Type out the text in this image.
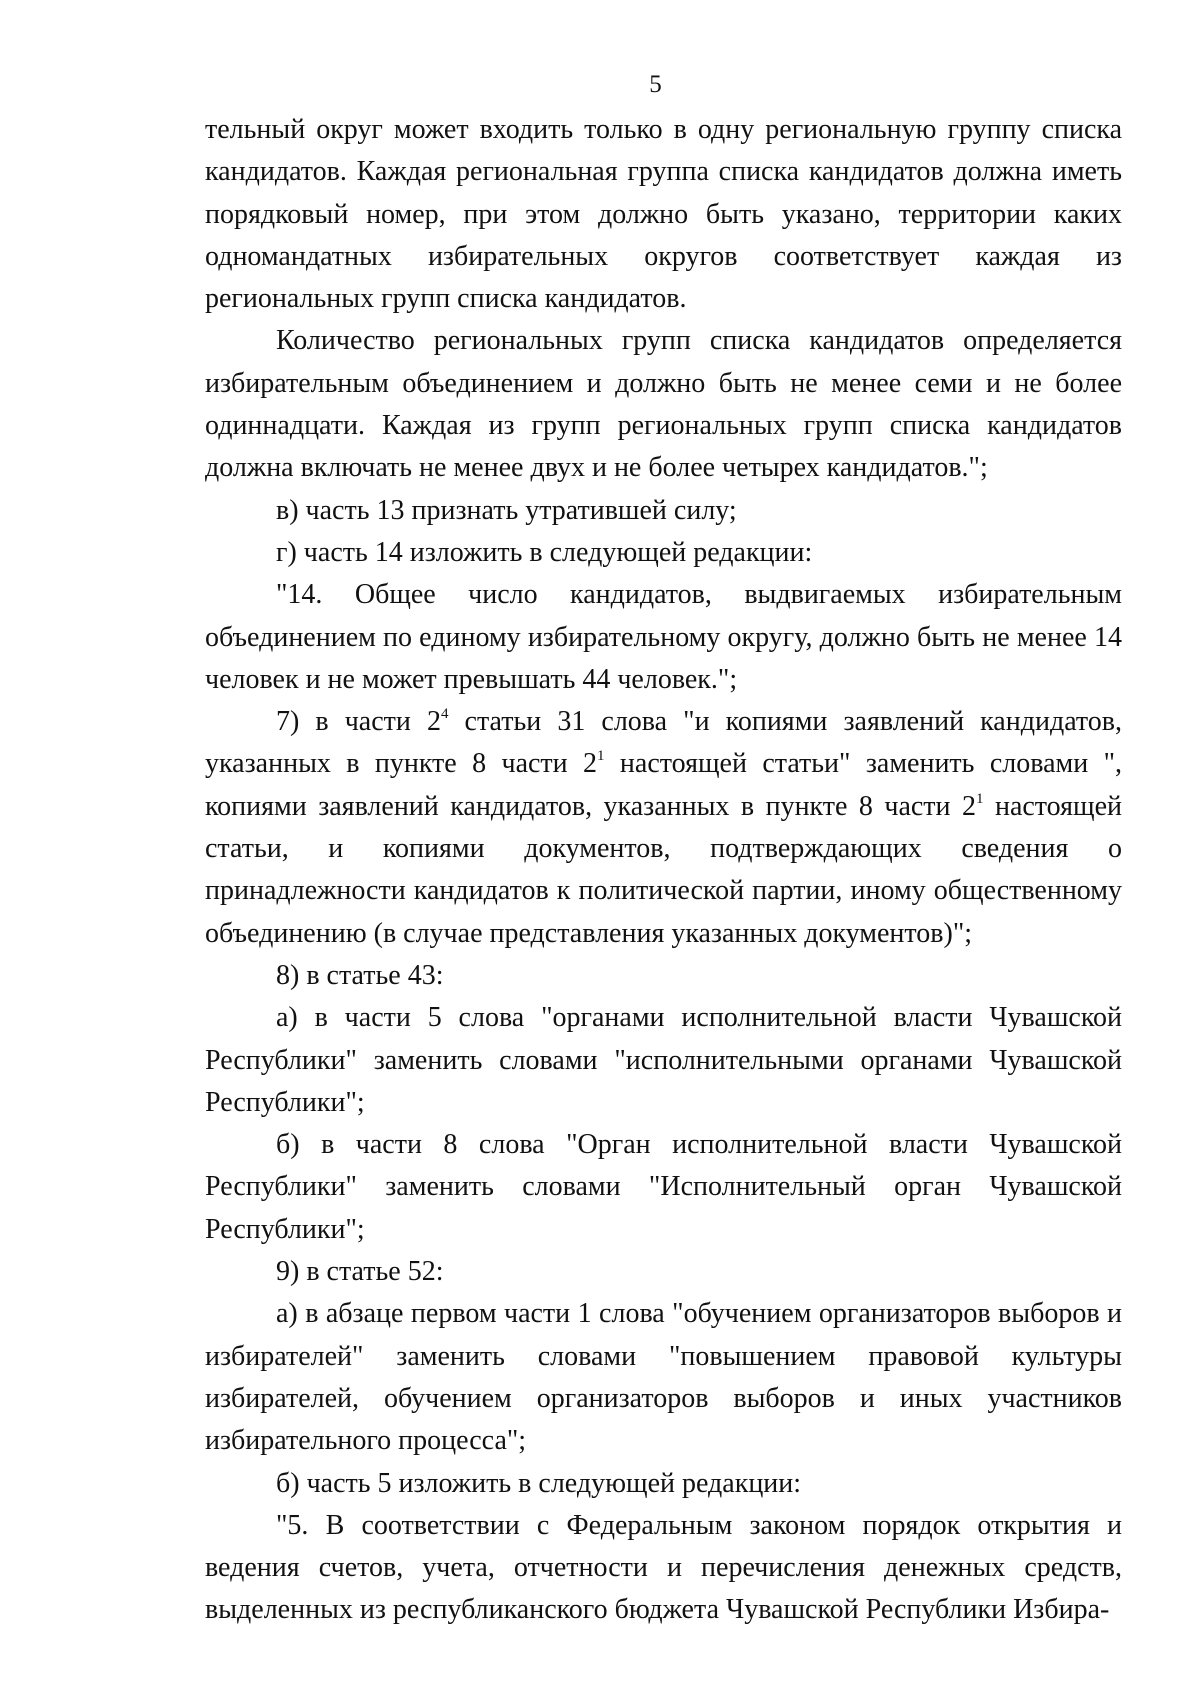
5

тельный округ может входить только в одну региональную группу списка кандидатов. Каждая региональная группа списка кандидатов должна иметь порядковый номер, при этом должно быть указано, территории каких одномандатных избирательных округов соответствует каждая из региональных групп списка кандидатов.

Количество региональных групп списка кандидатов определяется избирательным объединением и должно быть не менее семи и не более одиннадцати. Каждая из групп региональных групп списка кандидатов должна включать не менее двух и не более четырех кандидатов.";

в) часть 13 признать утратившей силу;

г) часть 14 изложить в следующей редакции:

"14. Общее число кандидатов, выдвигаемых избирательным объединением по единому избирательному округу, должно быть не менее 14 человек и не может превышать 44 человек.";

7) в части $2^4$ статьи 31 слова "и копиями заявлений кандидатов, указанных в пункте 8 части $2^1$ настоящей статьи" заменить словами ", копиями заявлений кандидатов, указанных в пункте 8 части $2^1$ настоящей статьи, и копиями документов, подтверждающих сведения о принадлежности кандидатов к политической партии, иному общественному объединению (в случае представления указанных документов)";

8) в статье 43:

а) в части 5 слова "органами исполнительной власти Чувашской Республики" заменить словами "исполнительными органами Чувашской Республики";

б) в части 8 слова "Орган исполнительной власти Чувашской Республики" заменить словами "Исполнительный орган Чувашской Республики";

9) в статье 52:

а) в абзаце первом части 1 слова "обучением организаторов выборов и избирателей" заменить словами "повышением правовой культуры избирателей, обучением организаторов выборов и иных участников избирательного процесса";

б) часть 5 изложить в следующей редакции:

"5. В соответствии с Федеральным законом порядок открытия и ведения счетов, учета, отчетности и перечисления денежных средств, выделенных из республиканского бюджета Чувашской Республики Избира-
